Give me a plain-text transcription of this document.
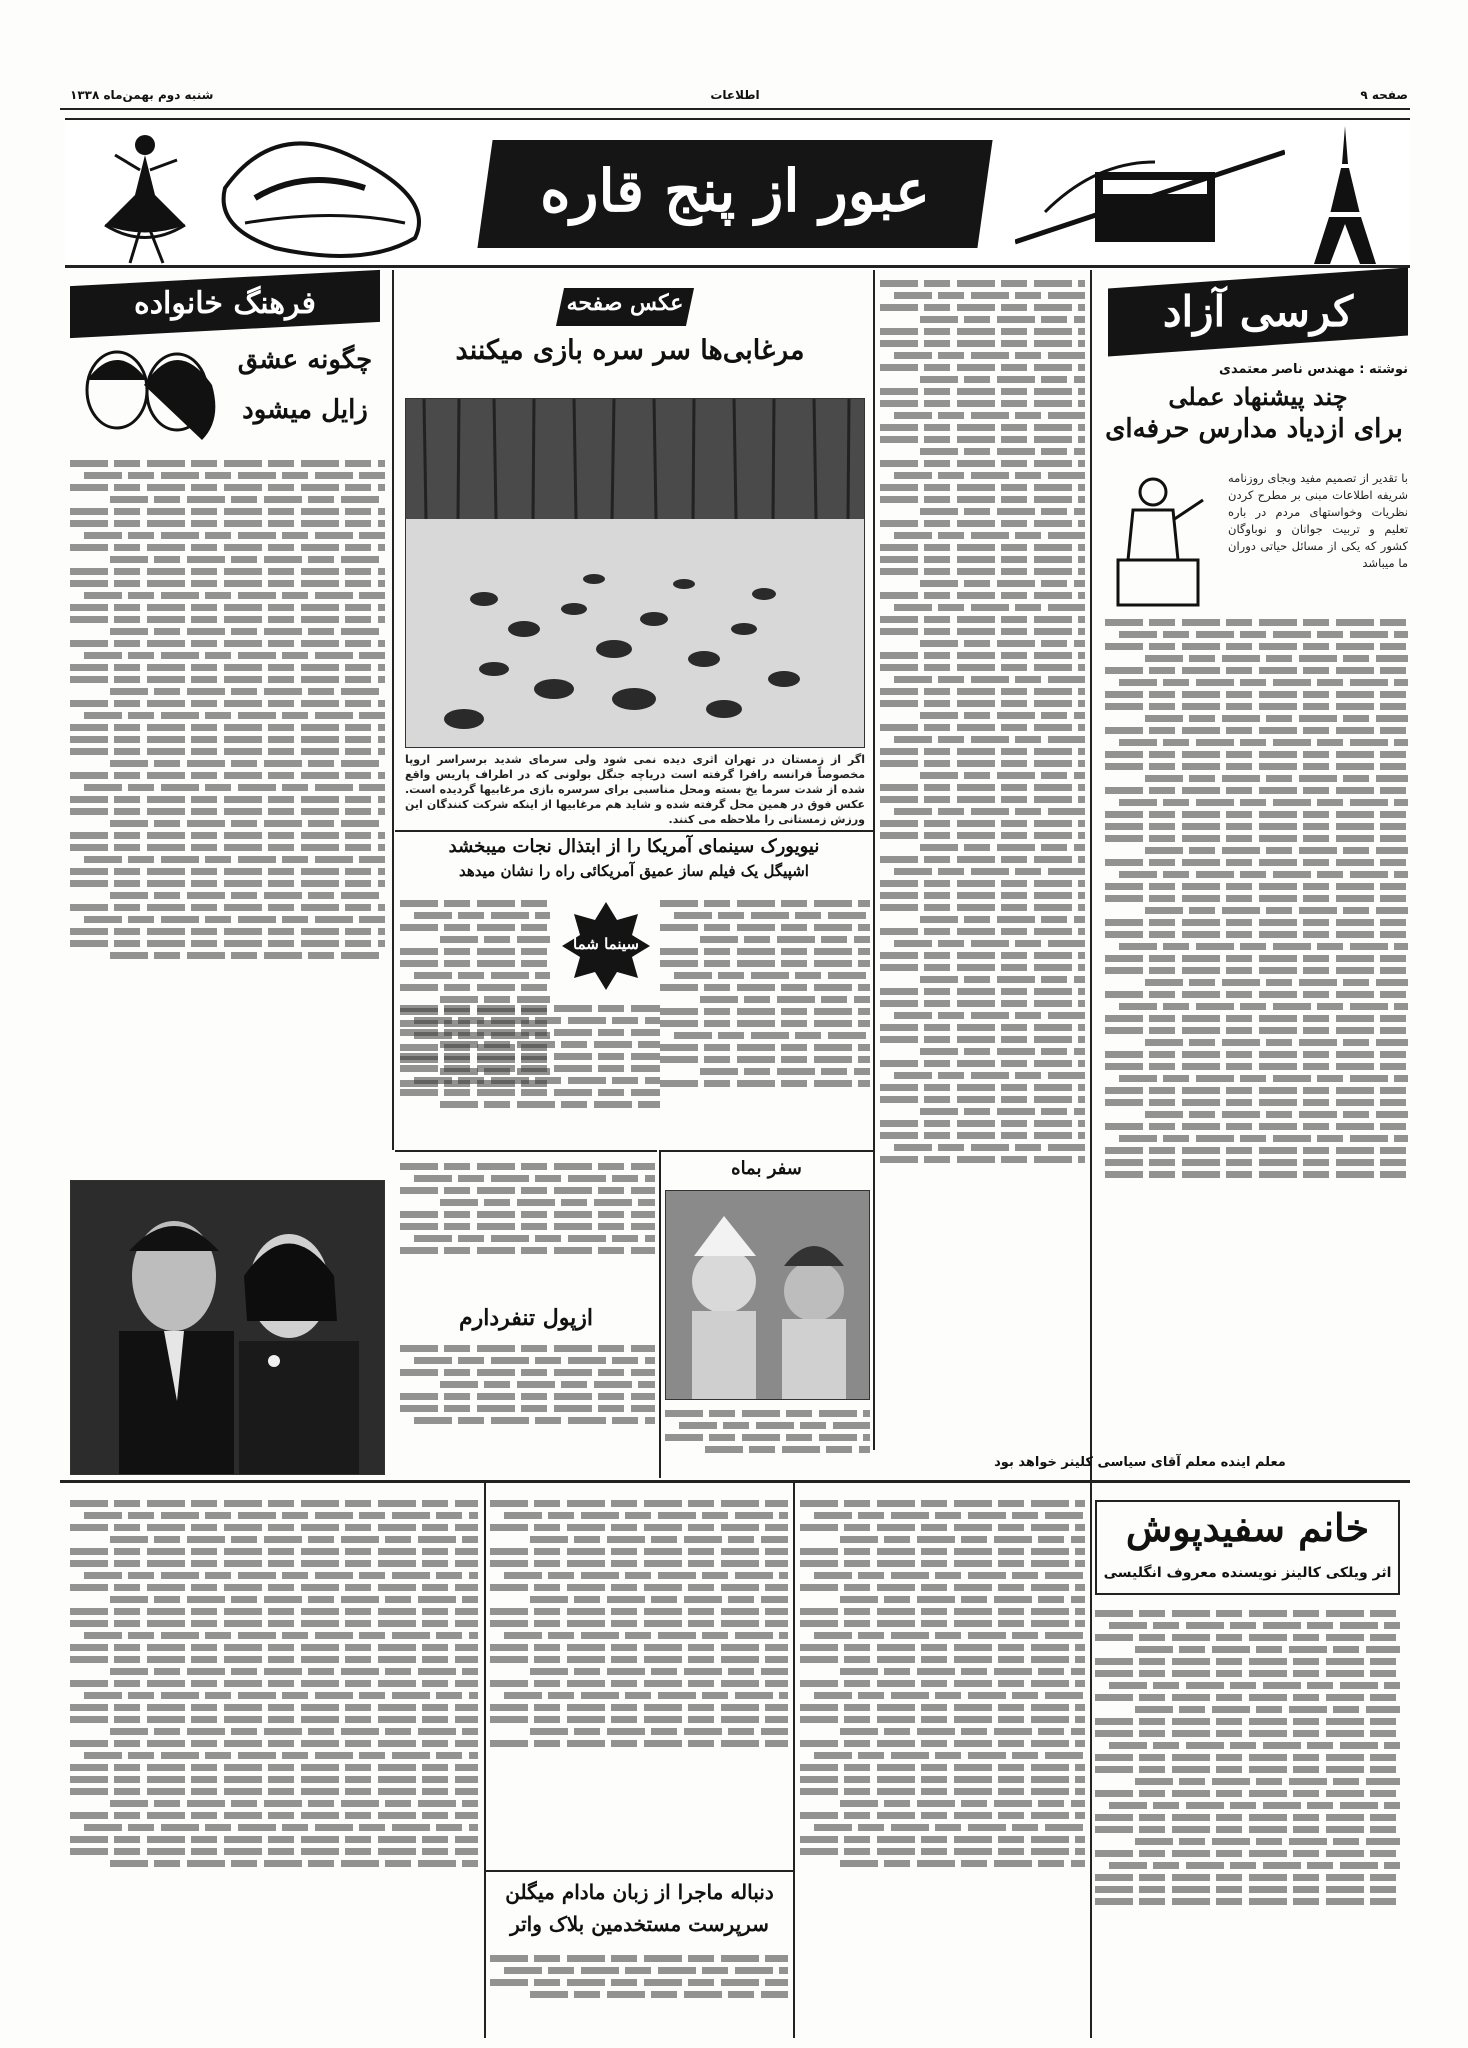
صفحه ۹
اطلاعات
شنبه دوم بهمن‌ماه ۱۳۳۸
عبور از پنج قاره
کرسی آزاد
نوشته : مهندس ناصر معتمدی
چند پیشنهاد عملی
برای ازدیاد مدارس حرفه‌ای
با تقدیر از تصمیم مفید وبجای روزنامه شریفه اطلاعات مبنی بر مطرح کردن نظریات وخواستهای مردم در باره تعلیم و تربیت جوانان و نوباوگان کشور که یکی از مسائل حیاتی دوران ما میباشد
معلم اینده معلم آقای سیاسی کلینر خواهد بود
عکس صفحه
مرغابی‌ها سر سره بازی میکنند
اگر از زمستان در تهران اثری دیده نمی شود ولی سرمای شدید برسراسر اروپا مخصوصاً فرانسه رافرا گرفته است دریاچه جنگل بولونی که در اطراف پاریس واقع شده از شدت سرما یخ بسته ومحل مناسبی برای سرسره بازی مرغابیها گردیده است. عکس فوق در همین محل گرفته شده و شاید هم مرغابیها از اینکه شرکت کنندگان این ورزش زمستانی را ملاحظه می کنند.
نیویورک سینمای آمریکا را از ابتذال نجات میبخشد
اشپیگل یک فیلم ساز عمیق آمریکائی راه را نشان میدهد
سینما شما
سفر بماه
ازپول تنفردارم
فرهنگ خانواده
چگونه عشق
زایل میشود
خانم سفیدپوش
اثر ویلکی کالینز نویسنده معروف انگلیسی
دنباله ماجرا از زبان مادام میگلن
سرپرست مستخدمین بلاک واتر
